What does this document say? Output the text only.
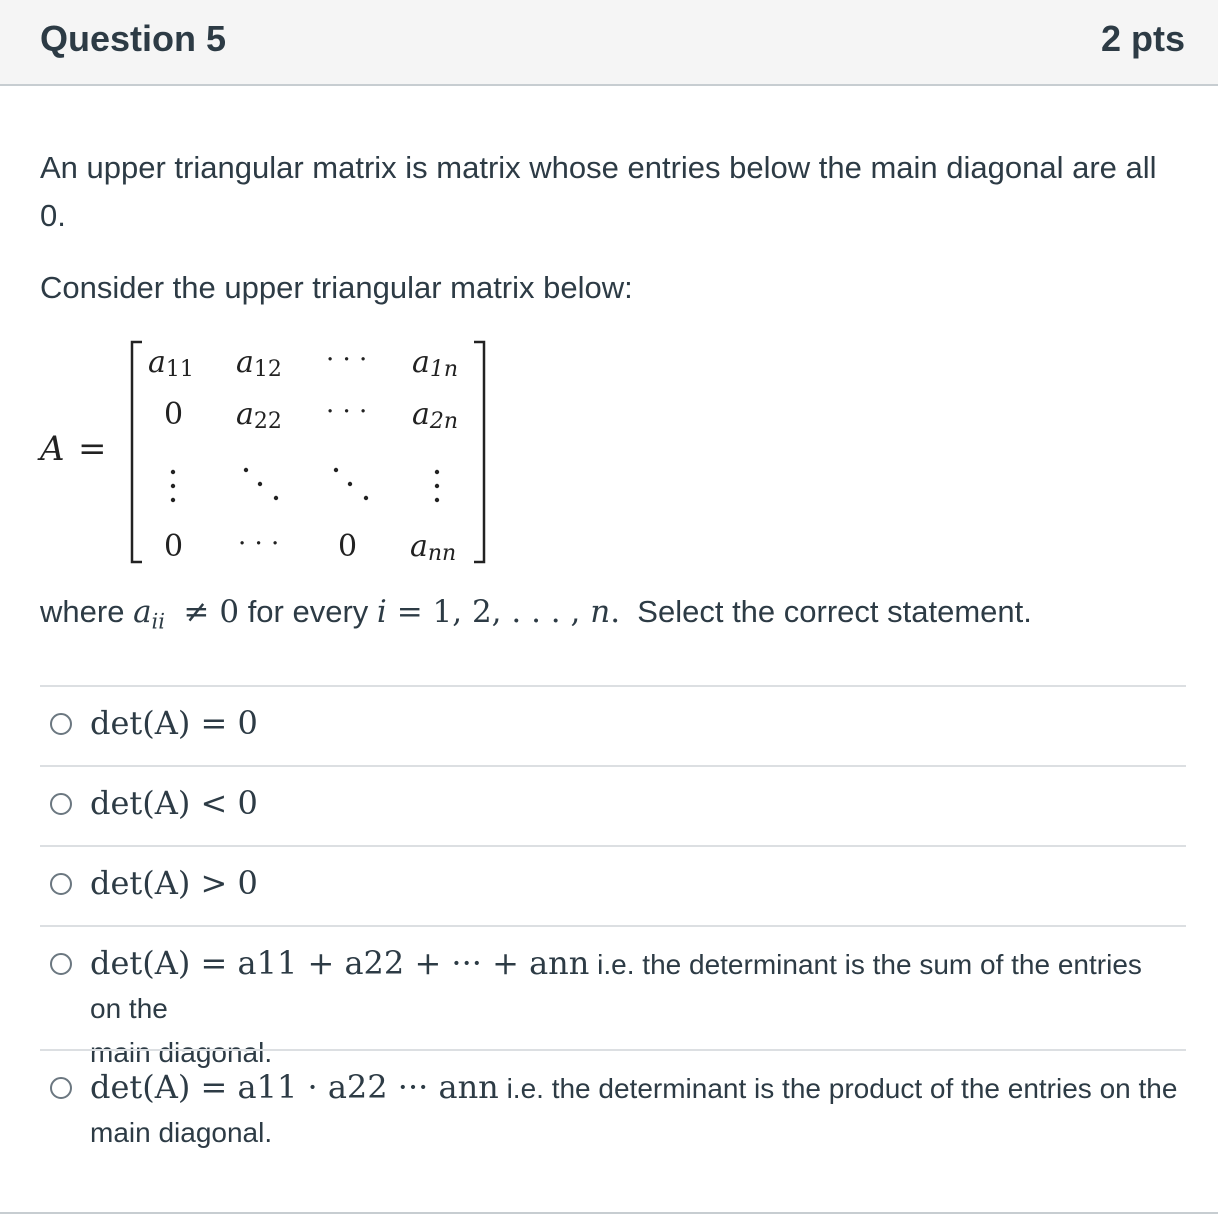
Question 5	2 pts
An upper triangular matrix is matrix whose entries below the main diagonal are all
0.
Consider the upper triangular matrix below:
A =
a11 a12 · · · a1n
0 a22 · · · a2n
0 · · · 0 ann
where $a_{ii} \ne 0$ for every i = 1, 2, . . . , n. Select the correct statement.
det(A) = 0
det(A) < 0
det(A) > 0
det(A) = a11 + a22 + ··· + ann i.e. the determinant is the sum of the entries on the
main diagonal.
det(A) = a11 · a22 ··· ann i.e. the determinant is the product of the entries on the
main diagonal.
